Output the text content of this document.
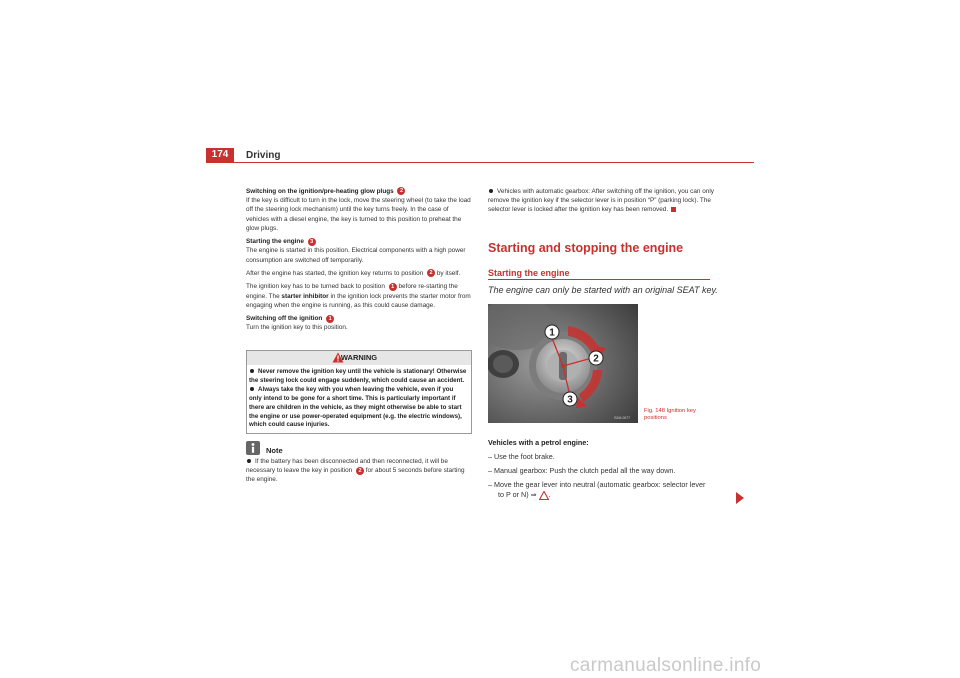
174	Driving

Switching on the ignition/pre-heating glow plugs 2
If the key is difficult to turn in the lock, move the steering wheel (to take the load off the steering lock mechanism) until the key turns freely. In the case of vehicles with a diesel engine, the key is turned to this position to preheat the glow plugs.

Starting the engine 3
The engine is started in this position. Electrical components with a high power consumption are switched off temporarily.

After the engine has started, the ignition key returns to position 2 by itself.

The ignition key has to be turned back to position 1 before re-starting the engine. The starter inhibitor in the ignition lock prevents the starter motor from engaging when the engine is running, as this could cause damage.

Switching off the ignition 1
Turn the ignition key to this position.

WARNING
Never remove the ignition key until the vehicle is stationary! Otherwise the steering lock could engage suddenly, which could cause an accident.
Always take the key with you when leaving the vehicle, even if you only intend to be gone for a short time. This is particularly important if there are children in the vehicle, as they might otherwise be able to start the engine or use power-operated equipment (e.g. the electric windows), which could cause injuries.
Note
If the battery has been disconnected and then reconnected, it will be necessary to leave the key in position 2 for about 5 seconds before starting the engine.
Vehicles with automatic gearbox: After switching off the ignition, you can only remove the ignition key if the selector lever is in position “P” (parking lock). The selector lever is locked after the ignition key has been removed.
Starting and stopping the engine
Starting the engine
The engine can only be started with an original SEAT key.
1
2
3
B1M-0077
Fig. 148 Ignition key positions

Vehicles with a petrol engine:

– Use the foot brake.

– Manual gearbox: Push the clutch pedal all the way down.

– Move the gear lever into neutral (automatic gearbox: selector lever to P or N) ⇒ .

carmanualsonline.info
